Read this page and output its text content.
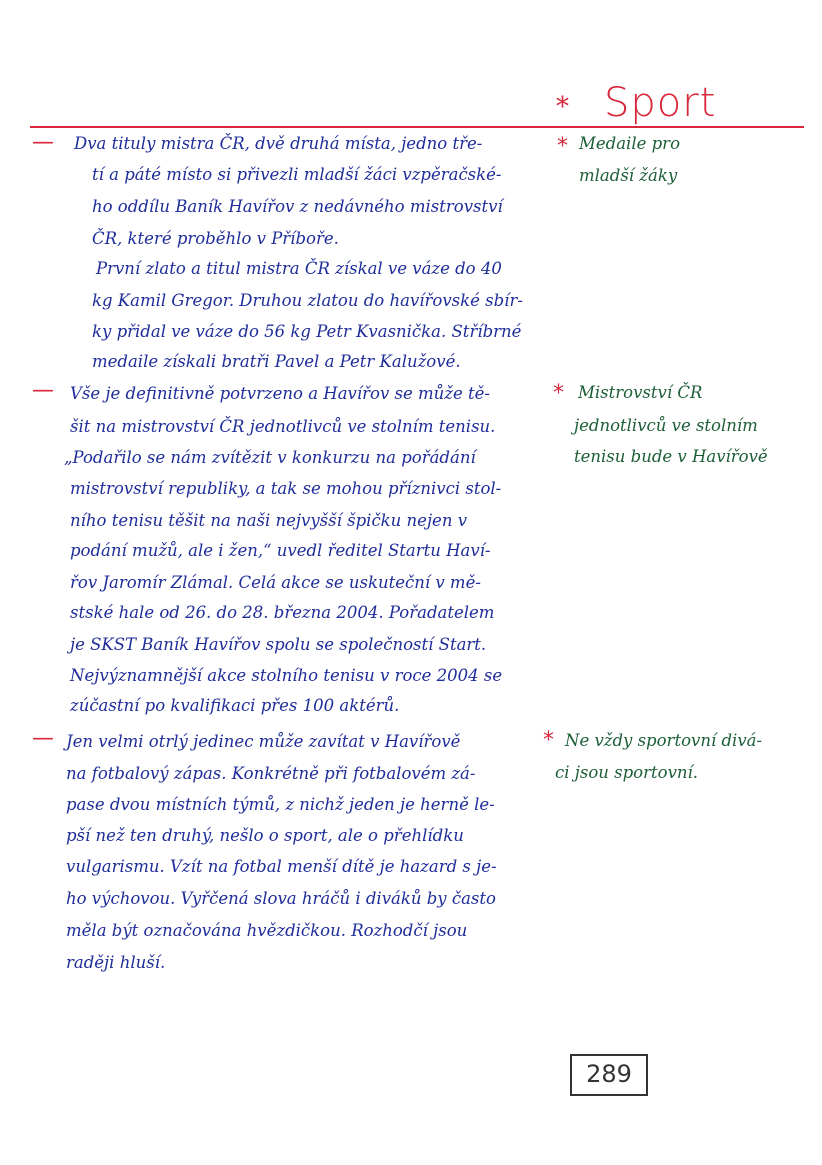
* Sport
— Dva tituly mistra ČR, dvě druhá místa, jedno tře-
tí a páté místo si přivezli mladší žáci vzpěračské-
ho oddílu Baník Havířov z nedávného mistrovství
ČR, které proběhlo v Příboře.
První zlato a titul mistra ČR získal ve váze do 40
kg Kamil Gregor. Druhou zlatou do havířovské sbír-
ky přidal ve váze do 56 kg Petr Kvasnička. Stříbrné
medaile získali bratři Pavel a Petr Kalužové.
* Medaile pro
mladší žáky
— Vše je definitivně potvrzeno a Havířov se může tě-
šit na mistrovství ČR jednotlivců ve stolním tenisu.
„Podařilo se nám zvítězit v konkurzu na pořádání
mistrovství republiky, a tak se mohou příznivci stol-
ního tenisu těšit na naši nejvyšší špičku nejen v
podání mužů, ale i žen,“ uvedl ředitel Startu Haví-
řov Jaromír Zlámal. Celá akce se uskuteční v mě-
stské hale od 26. do 28. března 2004. Pořadatelem
je SKST Baník Havířov spolu se společností Start.
Nejvýznamnější akce stolního tenisu v roce 2004 se
zúčastní po kvalifikaci přes 100 aktérů.
* Mistrovství ČR
jednotlivců ve stolním
tenisu bude v Havířově
— Jen velmi otrlý jedinec může zavítat v Havířově
na fotbalový zápas. Konkrétně při fotbalovém zá-
pase dvou místních týmů, z nichž jeden je herně le-
pší než ten druhý, nešlo o sport, ale o přehlídku
vulgarismu. Vzít na fotbal menší dítě je hazard s je-
ho výchovou. Vyřčená slova hráčů i diváků by často
měla být označována hvězdičkou. Rozhodčí jsou
raději hluší.
* Ne vždy sportovní divá-
ci jsou sportovní.
289
